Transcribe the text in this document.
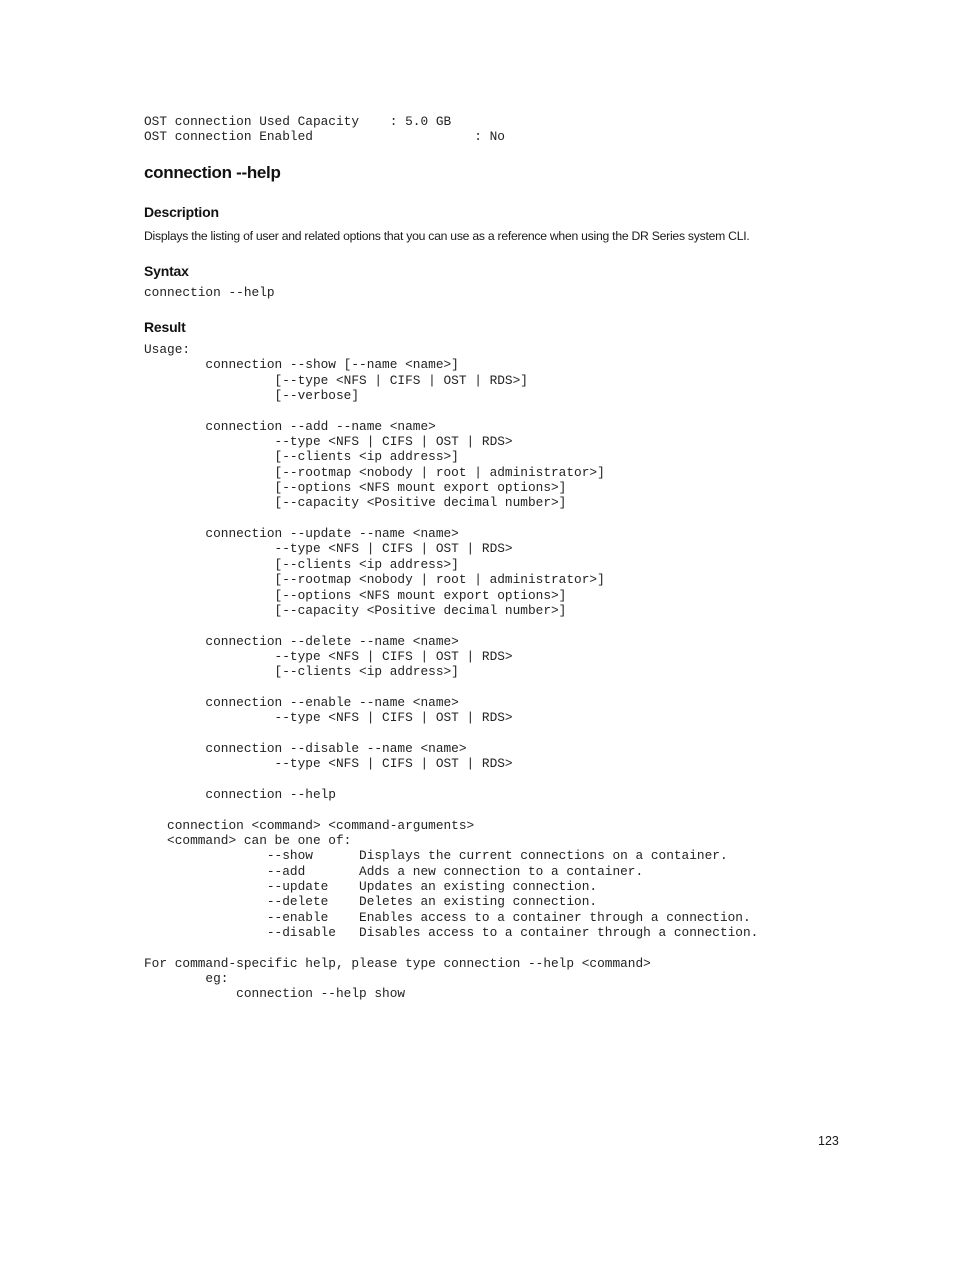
OST connection Used Capacity    : 5.0 GB
OST connection Enabled                     : No
connection --help
Description

Displays the listing of user and related options that you can use as a reference when using the DR Series system CLI.

Syntax
connection --help
Result
Usage:
connection --show [--name <name>]
[--type <NFS | CIFS | OST | RDS>]
[--verbose]

connection --add --name <name>
--type <NFS | CIFS | OST | RDS>
[--clients <ip address>]
[--rootmap <nobody | root | administrator>]
[--options <NFS mount export options>]
[--capacity <Positive decimal number>]

connection --update --name <name>
--type <NFS | CIFS | OST | RDS>
[--clients <ip address>]
[--rootmap <nobody | root | administrator>]
[--options <NFS mount export options>]
[--capacity <Positive decimal number>]

connection --delete --name <name>
--type <NFS | CIFS | OST | RDS>
[--clients <ip address>]

connection --enable --name <name>
--type <NFS | CIFS | OST | RDS>

connection --disable --name <name>
--type <NFS | CIFS | OST | RDS>

connection --help

connection <command> <command-arguments>
<command> can be one of:
--show      Displays the current connections on a container.
--add       Adds a new connection to a container.
--update    Updates an existing connection.
--delete    Deletes an existing connection.
--enable    Enables access to a container through a connection.
--disable   Disables access to a container through a connection.

For command-specific help, please type connection --help <command>
eg:
connection --help show
123
